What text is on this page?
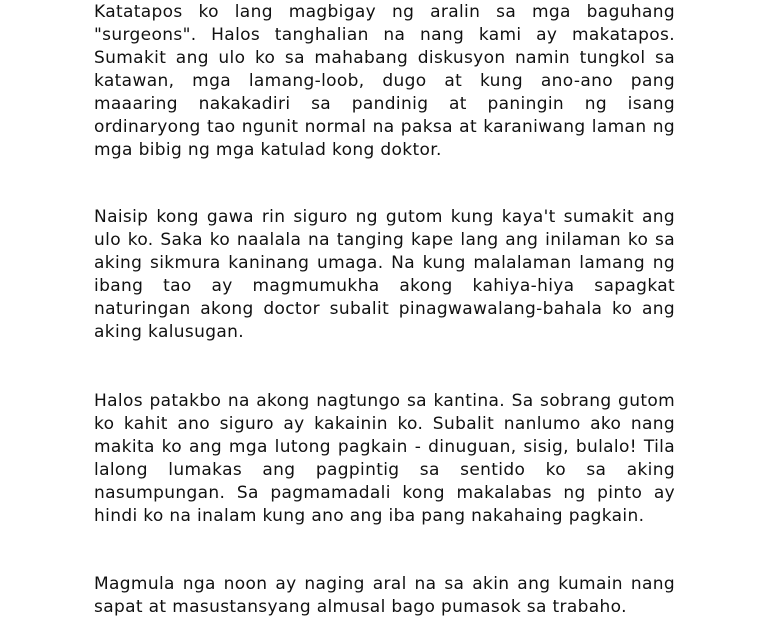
Katatapos ko lang magbigay ng aralin sa mga baguhang "surgeons". Halos tanghalian na nang kami ay makatapos. Sumakit ang ulo ko sa mahabang diskusyon namin tungkol sa katawan, mga lamang-loob, dugo at kung ano-ano pang maaaring nakakadiri sa pandinig at paningin ng isang ordinaryong tao ngunit normal na paksa at karaniwang laman ng mga bibig ng mga katulad kong doktor.

Naisip kong gawa rin siguro ng gutom kung kaya't sumakit ang ulo ko. Saka ko naalala na tanging kape lang ang inilaman ko sa aking sikmura kaninang umaga. Na kung malalaman lamang ng ibang tao ay magmumukha akong kahiya-hiya sapagkat naturingan akong doctor subalit pinagwawalang-bahala ko ang aking kalusugan.

Halos patakbo na akong nagtungo sa kantina. Sa sobrang gutom ko kahit ano siguro ay kakainin ko. Subalit nanlumo ako nang makita ko ang mga lutong pagkain - dinuguan, sisig, bulalo! Tila lalong lumakas ang pagpintig sa sentido ko sa aking nasumpungan. Sa pagmamadali kong makalabas ng pinto ay hindi ko na inalam kung ano ang iba pang nakahaing pagkain.

Magmula nga noon ay naging aral na sa akin ang kumain nang sapat at masustansyang almusal bago pumasok sa trabaho.
